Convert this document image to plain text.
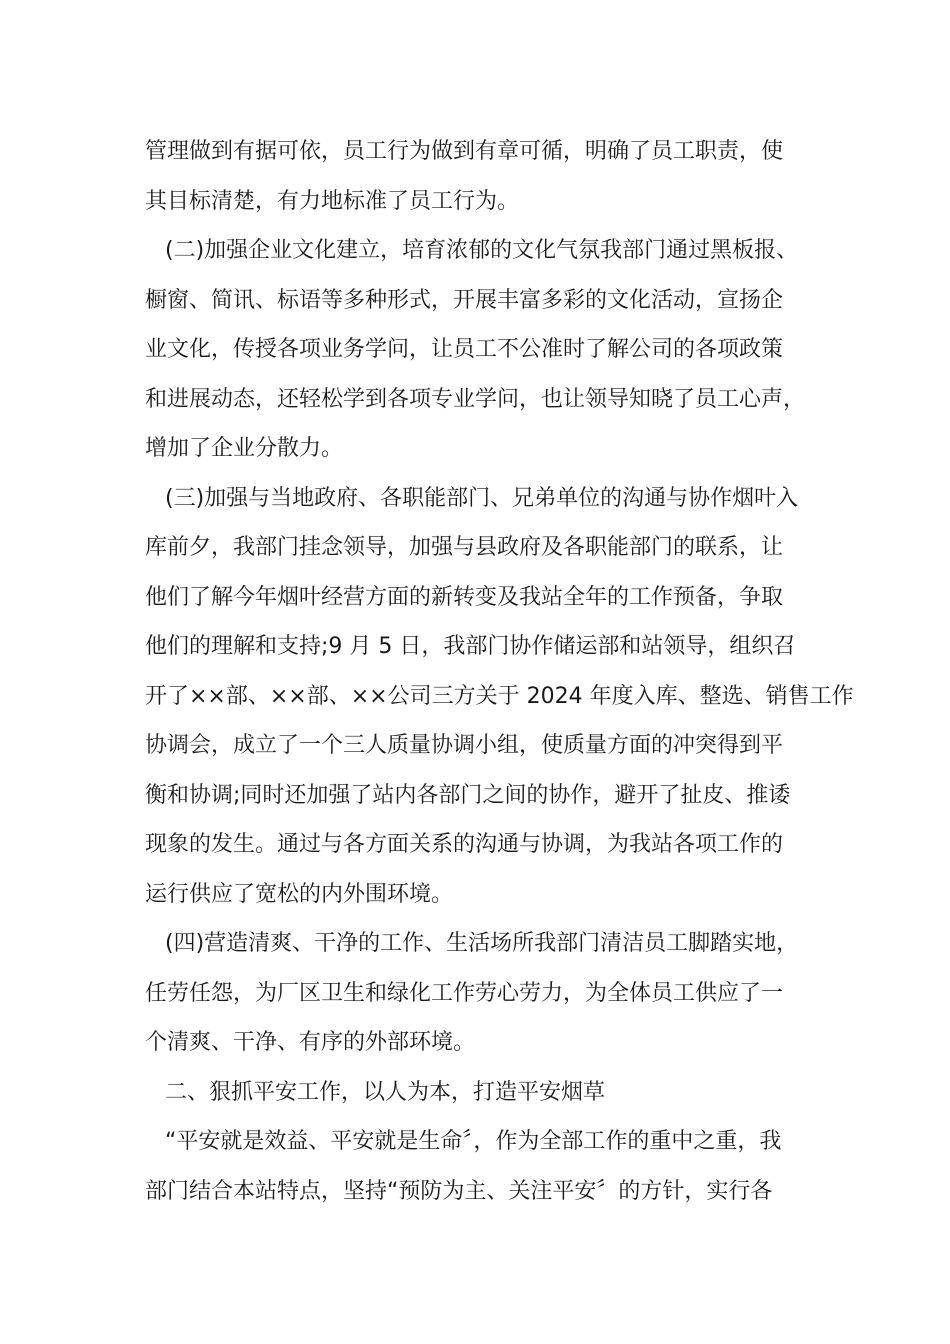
管理做到有据可依，员工行为做到有章可循，明确了员工职责，使
其目标清楚，有力地标准了员工行为。
(二)加强企业文化建立，培育浓郁的文化气氛我部门通过黑板报、
橱窗、简讯、标语等多种形式，开展丰富多彩的文化活动，宣扬企
业文化，传授各项业务学问，让员工不公准时了解公司的各项政策
和进展动态，还轻松学到各项专业学问，也让领导知晓了员工心声，
增加了企业分散力。
(三)加强与当地政府、各职能部门、兄弟单位的沟通与协作烟叶入
库前夕，我部门挂念领导，加强与县政府及各职能部门的联系，让
他们了解今年烟叶经营方面的新转变及我站全年的工作预备，争取
他们的理解和支持;9 月 5 日，我部门协作储运部和站领导，组织召
开了××部、××部、××公司三方关于 2024 年度入库、整选、销售工作
协调会，成立了一个三人质量协调小组，使质量方面的冲突得到平
衡和协调;同时还加强了站内各部门之间的协作，避开了扯皮、推诿
现象的发生。通过与各方面关系的沟通与协调，为我站各项工作的
运行供应了宽松的内外围环境。
(四)营造清爽、干净的工作、生活场所我部门清洁员工脚踏实地，
任劳任怨，为厂区卫生和绿化工作劳心劳力，为全体员工供应了一
个清爽、干净、有序的外部环境。
二、狠抓平安工作，以人为本，打造平安烟草
“平安就是效益、平安就是生命〞，作为全部工作的重中之重，我
部门结合本站特点，坚持“预防为主、关注平安〞的方针，实行各
